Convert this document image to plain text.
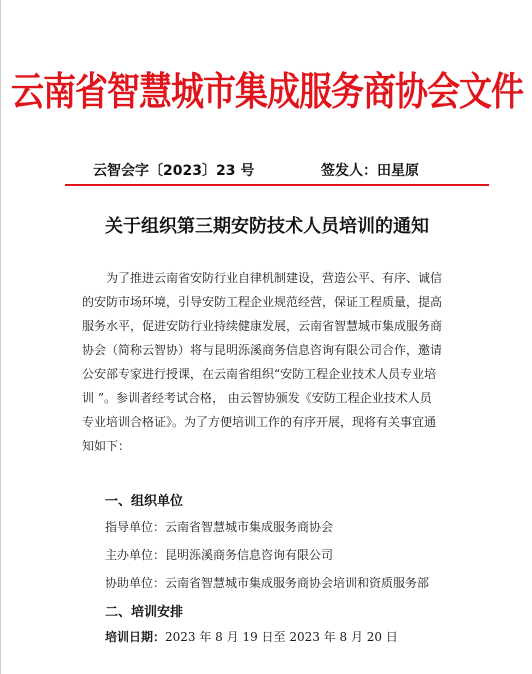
云南省智慧城市集成服务商协会文件
云智会字〔2023〕23 号	签发人：田星原
关于组织第三期安防技术人员培训的通知
为了推进云南省安防行业自律机制建设，营造公平、有序、诚信
的安防市场环境，引导安防工程企业规范经营，保证工程质量，提高
服务水平，促进安防行业持续健康发展，云南省智慧城市集成服务商
协会（简称云智协）将与昆明泺溪商务信息咨询有限公司合作，邀请
公安部专家进行授课，在云南省组织“安防工程企业技术人员专业培
训 ”。参训者经考试合格， 由云智协颁发《安防工程企业技术人员
专业培训合格证》。为了方便培训工作的有序开展，现将有关事宜通
知如下：
一、组织单位
指导单位：云南省智慧城市集成服务商协会
主办单位：昆明泺溪商务信息咨询有限公司
协助单位：云南省智慧城市集成服务商协会培训和资质服务部
二、培训安排
培训日期：2023 年 8 月 19 日至 2023 年 8 月 20 日
